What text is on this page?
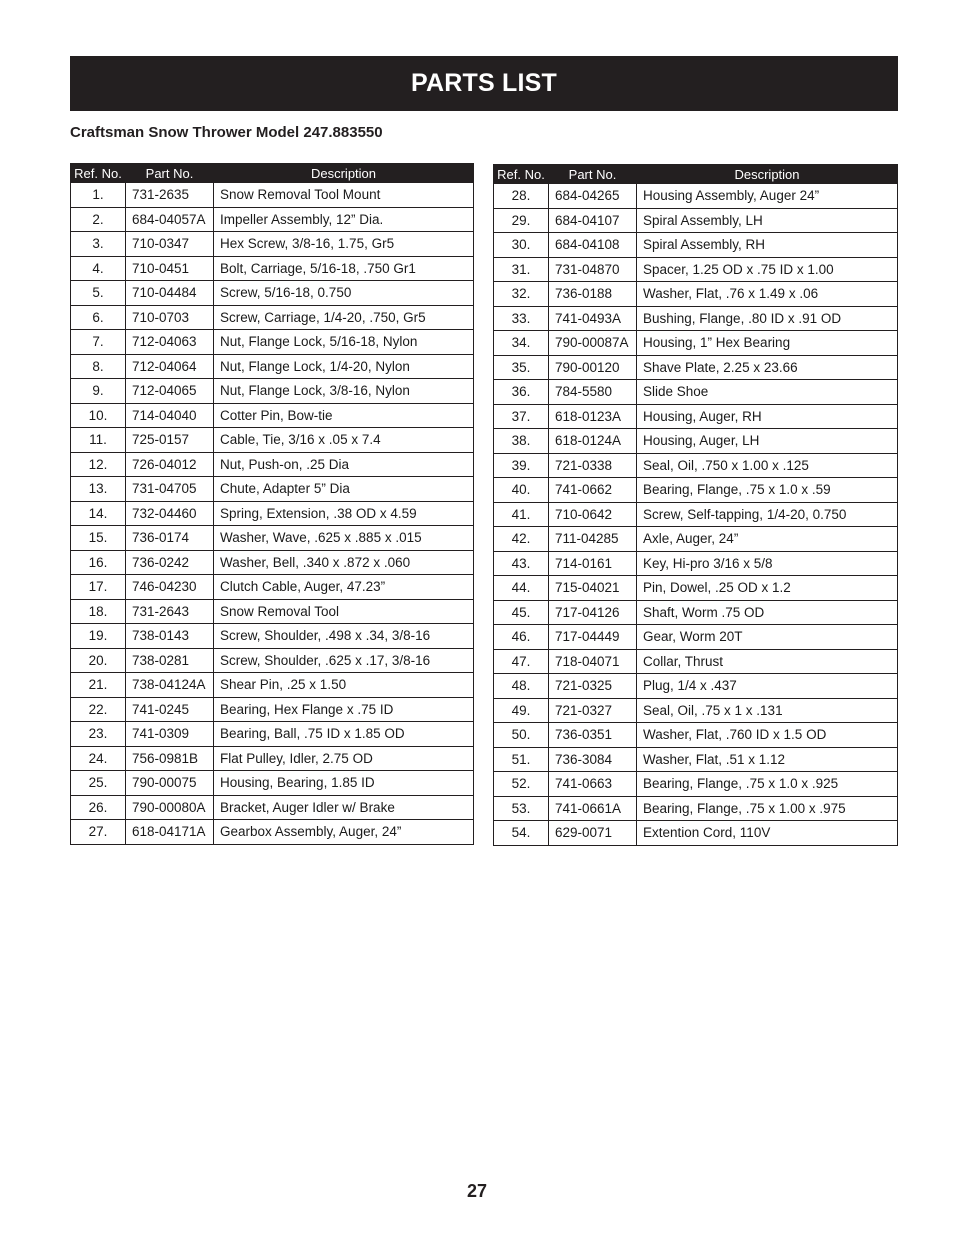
PARTS LIST
Craftsman Snow Thrower Model 247.883550
Ref. No.	Part No.	Description
1.	731-2635	Snow Removal Tool Mount
2.	684-04057A	Impeller Assembly, 12” Dia.
3.	710-0347	Hex Screw, 3/8-16, 1.75, Gr5
4.	710-0451	Bolt, Carriage, 5/16-18, .750 Gr1
5.	710-04484	Screw, 5/16-18, 0.750
6.	710-0703	Screw, Carriage, 1/4-20, .750, Gr5
7.	712-04063	Nut, Flange Lock, 5/16-18, Nylon
8.	712-04064	Nut, Flange Lock, 1/4-20, Nylon
9.	712-04065	Nut, Flange Lock, 3/8-16, Nylon
10.	714-04040	Cotter Pin, Bow-tie
11.	725-0157	Cable, Tie, 3/16 x .05 x 7.4
12.	726-04012	Nut, Push-on, .25 Dia
13.	731-04705	Chute, Adapter 5” Dia
14.	732-04460	Spring, Extension, .38 OD x 4.59
15.	736-0174	Washer, Wave, .625 x .885 x .015
16.	736-0242	Washer, Bell, .340 x .872 x .060
17.	746-04230	Clutch Cable, Auger, 47.23”
18.	731-2643	Snow Removal Tool
19.	738-0143	Screw, Shoulder, .498 x .34, 3/8-16
20.	738-0281	Screw, Shoulder, .625 x .17, 3/8-16
21.	738-04124A	Shear Pin, .25 x 1.50
22.	741-0245	Bearing, Hex Flange x .75 ID
23.	741-0309	Bearing, Ball, .75 ID x 1.85 OD
24.	756-0981B	Flat Pulley, Idler, 2.75 OD
25.	790-00075	Housing, Bearing, 1.85 ID
26.	790-00080A	Bracket, Auger Idler w/ Brake
27.	618-04171A	Gearbox Assembly, Auger, 24”
Ref. No.	Part No.	Description
28.	684-04265	Housing Assembly, Auger 24”
29.	684-04107	Spiral Assembly, LH
30.	684-04108	Spiral Assembly, RH
31.	731-04870	Spacer, 1.25 OD x .75 ID x 1.00
32.	736-0188	Washer, Flat, .76 x 1.49 x .06
33.	741-0493A	Bushing, Flange, .80 ID x .91 OD
34.	790-00087A	Housing, 1” Hex Bearing
35.	790-00120	Shave Plate, 2.25 x 23.66
36.	784-5580	Slide Shoe
37.	618-0123A	Housing, Auger, RH
38.	618-0124A	Housing, Auger, LH
39.	721-0338	Seal, Oil, .750 x 1.00 x .125
40.	741-0662	Bearing, Flange, .75 x 1.0 x .59
41.	710-0642	Screw, Self-tapping, 1/4-20, 0.750
42.	711-04285	Axle, Auger, 24”
43.	714-0161	Key, Hi-pro 3/16 x 5/8
44.	715-04021	Pin, Dowel, .25 OD x 1.2
45.	717-04126	Shaft, Worm .75 OD
46.	717-04449	Gear, Worm 20T
47.	718-04071	Collar, Thrust
48.	721-0325	Plug, 1/4 x .437
49.	721-0327	Seal, Oil, .75 x 1 x .131
50.	736-0351	Washer, Flat, .760 ID x 1.5 OD
51.	736-3084	Washer, Flat, .51 x 1.12
52.	741-0663	Bearing, Flange, .75 x 1.0 x .925
53.	741-0661A	Bearing, Flange, .75 x 1.00 x .975
54.	629-0071	Extention Cord, 110V
27
